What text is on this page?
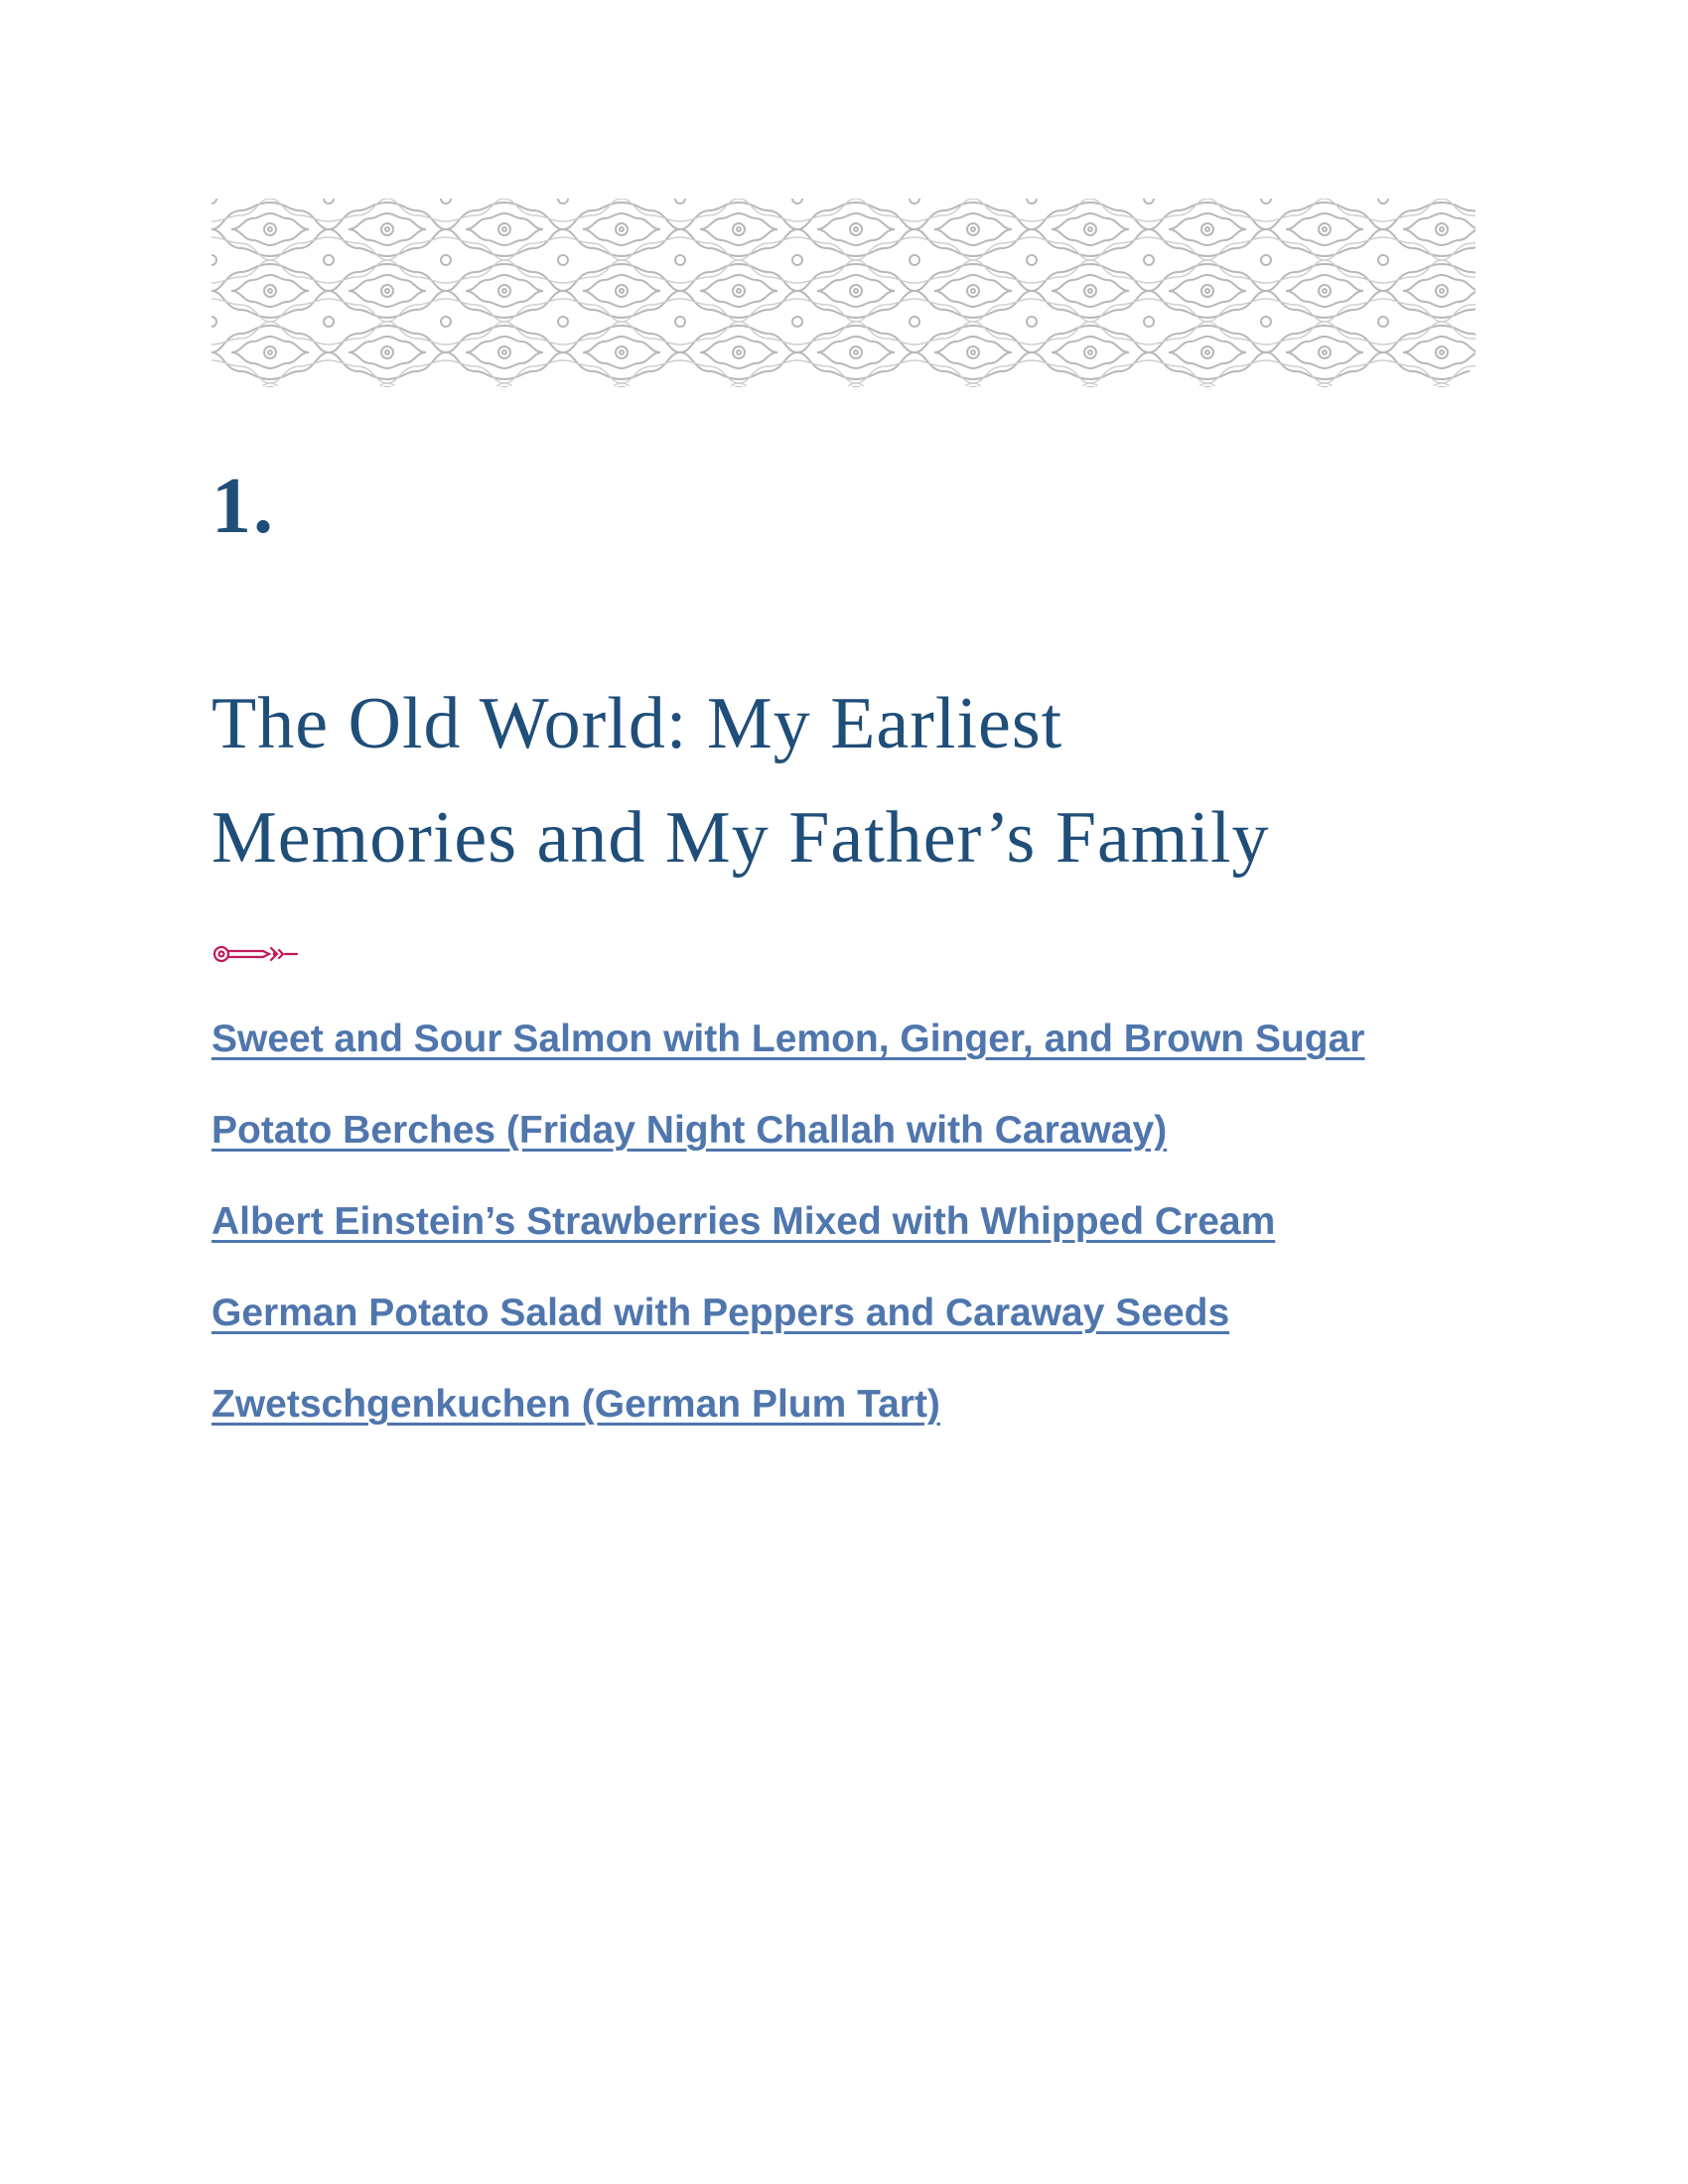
1.
The Old World: My Earliest
Memories and My Father’s Family
Sweet and Sour Salmon with Lemon, Ginger, and Brown Sugar
Potato Berches (Friday Night Challah with Caraway)
Albert Einstein’s Strawberries Mixed with Whipped Cream
German Potato Salad with Peppers and Caraway Seeds
Zwetschgenkuchen (German Plum Tart)
